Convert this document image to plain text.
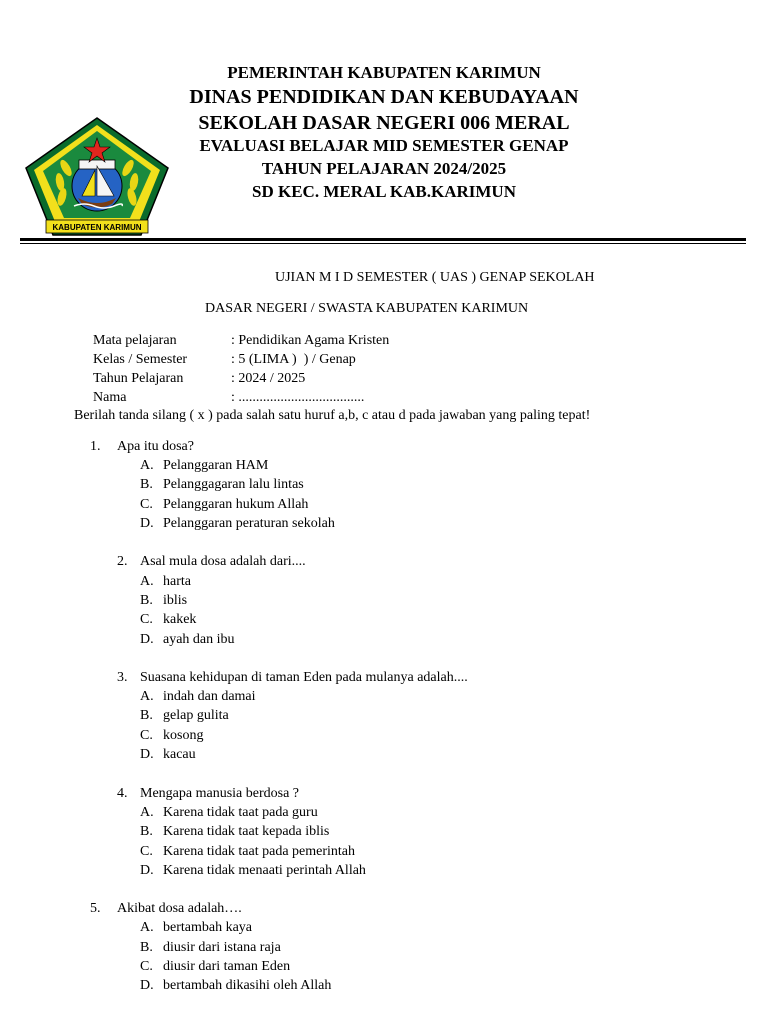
PEMERINTAH KABUPATEN KARIMUN
DINAS PENDIDIKAN DAN KEBUDAYAAN
SEKOLAH DASAR NEGERI 006 MERAL
EVALUASI BELAJAR MID SEMESTER GENAP
TAHUN PELAJARAN 2024/2025
SD KEC. MERAL KAB.KARIMUN
KABUPATEN KARIMUN
UJIAN M I D SEMESTER ( UAS ) GENAP SEKOLAH
DASAR NEGERI / SWASTA KABUPATEN KARIMUN
Mata pelajaran	: Pendidikan Agama Kristen
Kelas / Semester	: 5 (LIMA )  ) / Genap
Tahun Pelajaran	: 2024 / 2025
Nama	: ....................................
Berilah tanda silang ( x ) pada salah satu huruf a,b, c atau d pada jawaban yang paling tepat!
1. Apa itu dosa?
A. Pelanggaran HAM
B. Pelanggagaran lalu lintas
C. Pelanggaran hukum Allah
D. Pelanggaran peraturan sekolah
2. Asal mula dosa adalah dari....
A. harta
B. iblis
C. kakek
D. ayah dan ibu
3. Suasana kehidupan di taman Eden pada mulanya adalah....
A. indah dan damai
B. gelap gulita
C. kosong
D. kacau
4. Mengapa manusia berdosa ?
A. Karena tidak taat pada guru
B. Karena tidak taat kepada iblis
C. Karena tidak taat pada pemerintah
D. Karena tidak menaati perintah Allah
5. Akibat dosa adalah….
A. bertambah kaya
B. diusir dari istana raja
C. diusir dari taman Eden
D. bertambah dikasihi oleh Allah
